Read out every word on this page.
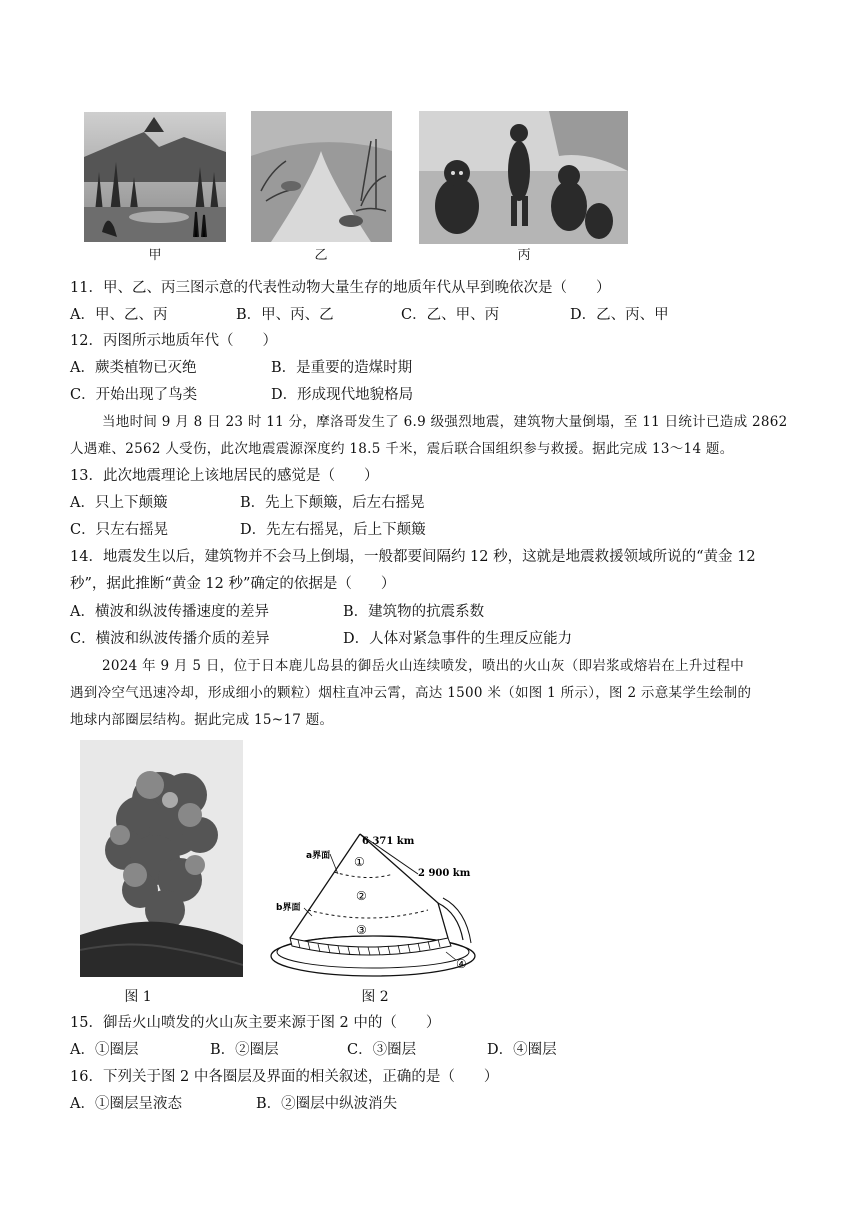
甲	乙	丙
11．甲、乙、丙三图示意的代表性动物大量生存的地质年代从早到晚依次是（　　）
A．甲、乙、丙	B．甲、丙、乙	C．乙、甲、丙	D．乙、丙、甲
12．丙图所示地质年代（　　）
A．蕨类植物已灭绝	B．是重要的造煤时期
C．开始出现了鸟类	D．形成现代地貌格局
当地时间 9 月 8 日 23 时 11 分，摩洛哥发生了 6.9 级强烈地震，建筑物大量倒塌，至 11 日统计已造成 2862
人遇难、2562 人受伤，此次地震震源深度约 18.5 千米，震后联合国组织参与救援。据此完成 13～14 题。
13．此次地震理论上该地居民的感觉是（　　）
A．只上下颠簸	B．先上下颠簸，后左右摇晃
C．只左右摇晃	D．先左右摇晃，后上下颠簸
14．地震发生以后，建筑物并不会马上倒塌，一般都要间隔约 12 秒，这就是地震救援领域所说的“黄金 12
秒”，据此推断“黄金 12 秒”确定的依据是（　　）
A．横波和纵波传播速度的差异	B．建筑物的抗震系数
C．横波和纵波传播介质的差异	D．人体对紧急事件的生理反应能力
2024 年 9 月 5 日，位于日本鹿儿岛县的御岳火山连续喷发，喷出的火山灰（即岩浆或熔岩在上升过程中
遇到冷空气迅速冷却，形成细小的颗粒）烟柱直冲云霄，高达 1500 米（如图 1 所示），图 2 示意某学生绘制的
地球内部圈层结构。据此完成 15~17 题。
6 371 km
2 900 km
a界面
b界面
①
②
③
④
图 1	图 2
15．御岳火山喷发的火山灰主要来源于图 2 中的（　　）
A．①圈层	B．②圈层	C．③圈层	D．④圈层
16．下列关于图 2 中各圈层及界面的相关叙述，正确的是（　　）
A．①圈层呈液态	B．②圈层中纵波消失
